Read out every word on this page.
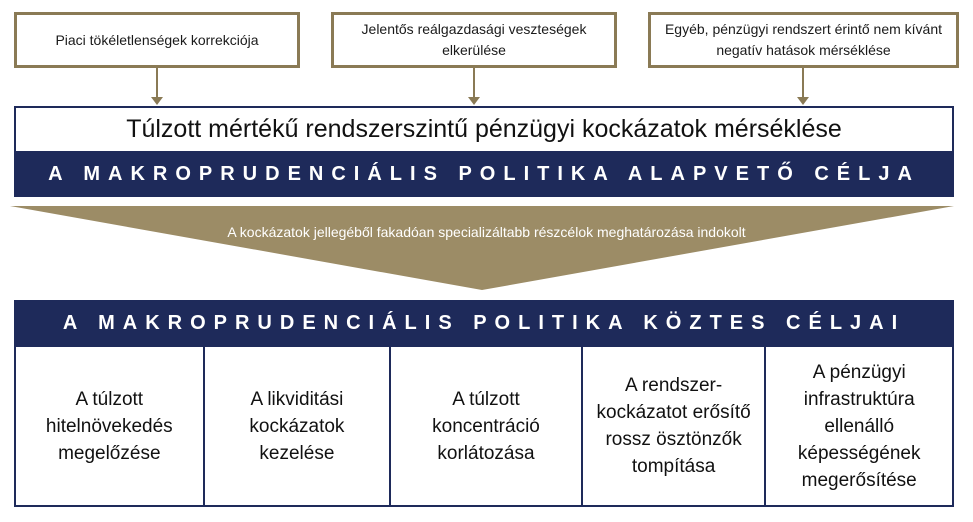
Piaci tökéletlenségek korrekciója
Jelentős reálgazdasági veszteségek elkerülése
Egyéb, pénzügyi rendszert érintő nem kívánt negatív hatások mérséklése
Túlzott mértékű rendszerszintű pénzügyi kockázatok mérséklése
A MAKROPRUDENCIÁLIS POLITIKA ALAPVETŐ CÉLJA
A kockázatok jellegéből fakadóan specializáltabb részcélok meghatározása indokolt
A MAKROPRUDENCIÁLIS POLITIKA KÖZTES CÉLJAI
A túlzott hitelnövekedés megelőzése
A likviditási kockázatok kezelése
A túlzott koncentráció korlátozása
A rendszer-kockázatot erősítő rossz ösztönzők tompítása
A pénzügyi infrastruktúra ellenálló képességének megerősítése
